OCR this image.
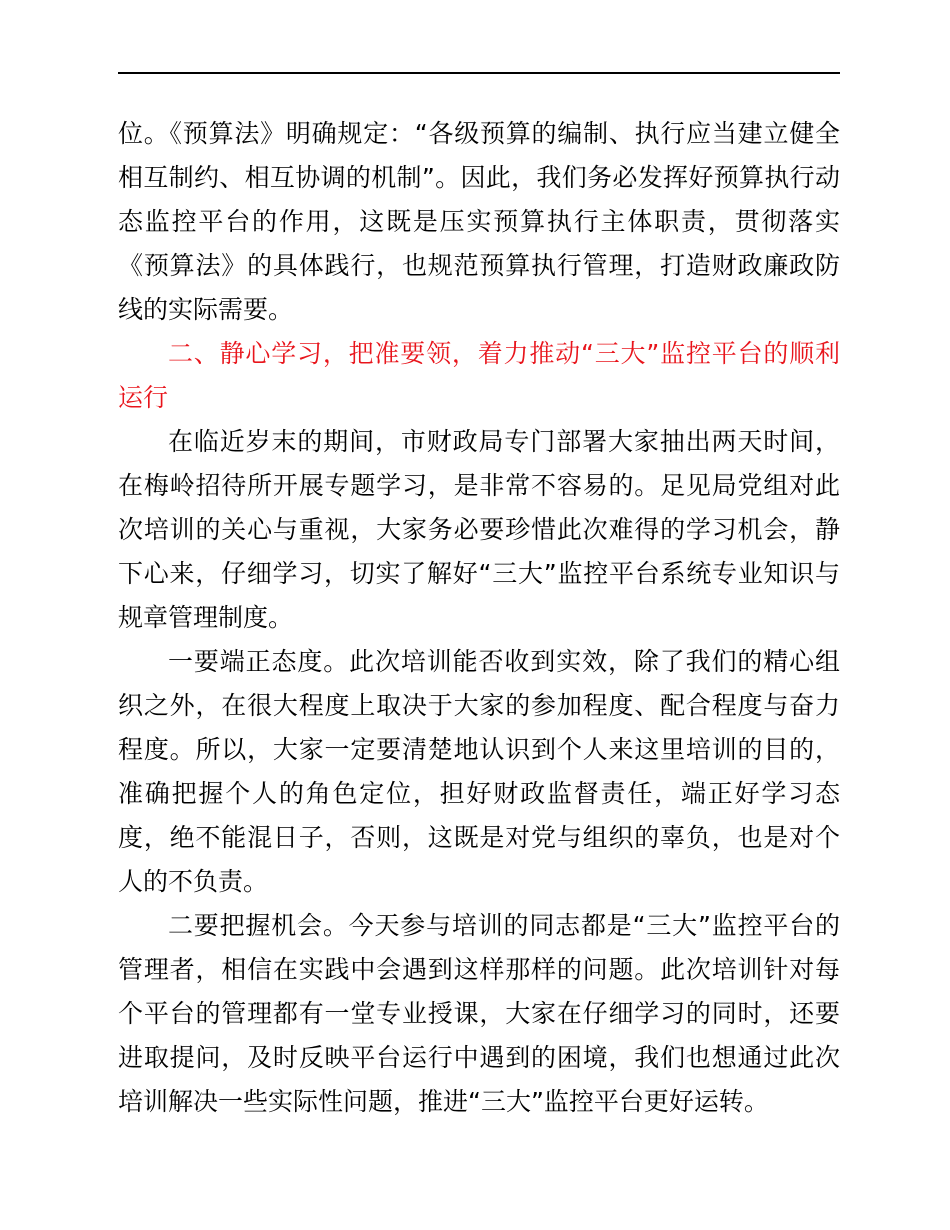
位。《预算法》明确规定：“各级预算的编制、执行应当建立健全相互制约、相互协调的机制”。因此，我们务必发挥好预算执行动态监控平台的作用，这既是压实预算执行主体职责，贯彻落实《预算法》的具体践行，也规范预算执行管理，打造财政廉政防线的实际需要。

二、静心学习，把准要领，着力推动“三大”监控平台的顺利运行

在临近岁末的期间，市财政局专门部署大家抽出两天时间，在梅岭招待所开展专题学习，是非常不容易的。足见局党组对此次培训的关心与重视，大家务必要珍惜此次难得的学习机会，静下心来，仔细学习，切实了解好“三大”监控平台系统专业知识与规章管理制度。

一要端正态度。此次培训能否收到实效，除了我们的精心组织之外，在很大程度上取决于大家的参加程度、配合程度与奋力程度。所以，大家一定要清楚地认识到个人来这里培训的目的，准确把握个人的角色定位，担好财政监督责任，端正好学习态度，绝不能混日子，否则，这既是对党与组织的辜负，也是对个人的不负责。

二要把握机会。今天参与培训的同志都是“三大”监控平台的管理者，相信在实践中会遇到这样那样的问题。此次培训针对每个平台的管理都有一堂专业授课，大家在仔细学习的同时，还要进取提问，及时反映平台运行中遇到的困境，我们也想通过此次培训解决一些实际性问题，推进“三大”监控平台更好运转。
